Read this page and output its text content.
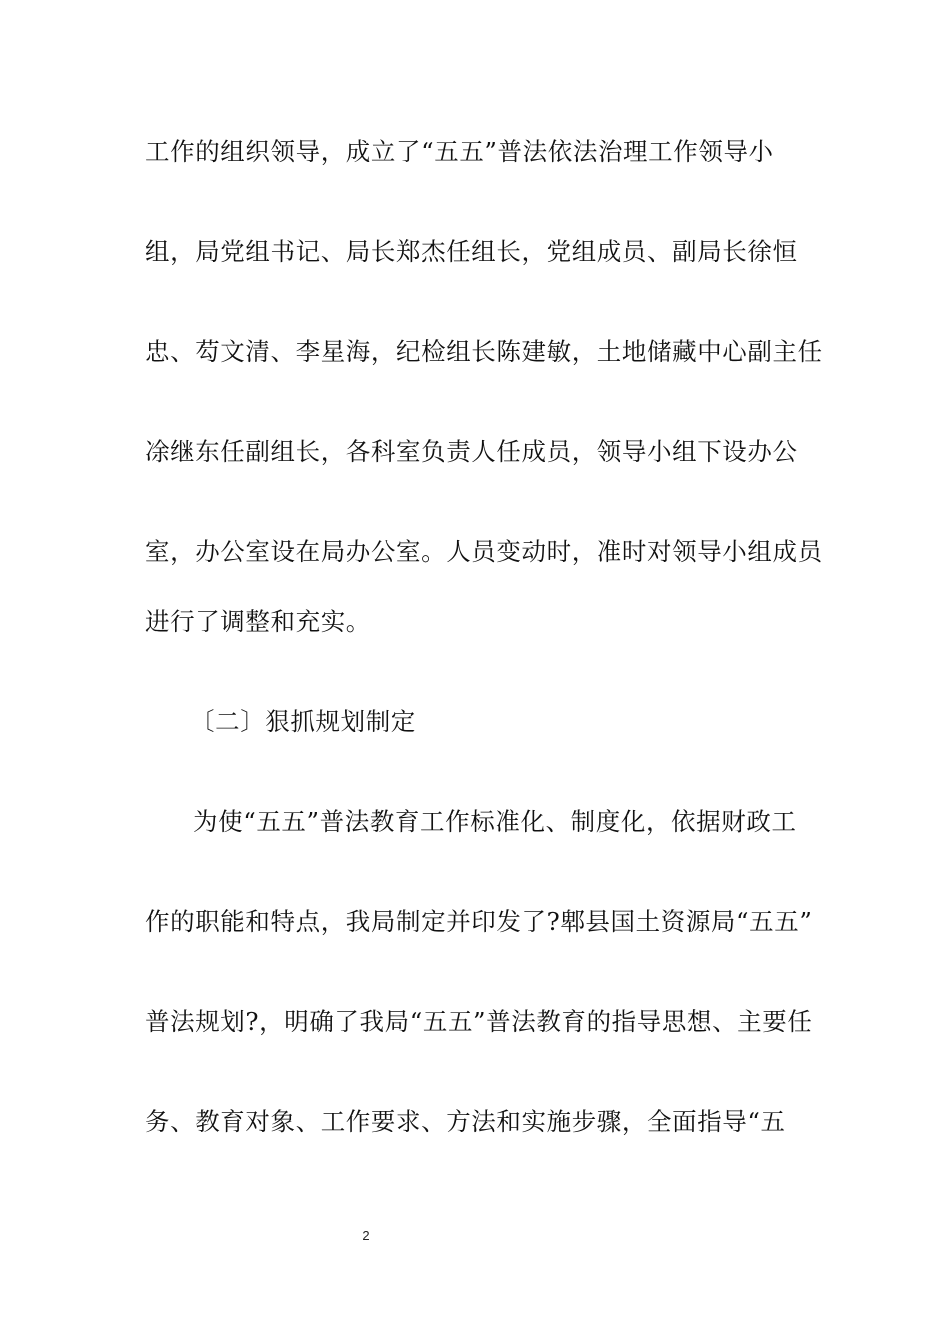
工作的组织领导，成立了“五五”普法依法治理工作领导小
组，局党组书记、局长郑杰任组长，党组成员、副局长徐恒
忠、芶文清、李星海，纪检组长陈建敏，土地储藏中心副主任
凃继东任副组长，各科室负责人任成员，领导小组下设办公
室，办公室设在局办公室。人员变动时，准时对领导小组成员
进行了调整和充实。
〔二〕狠抓规划制定
为使“五五”普法教育工作标准化、制度化，依据财政工
作的职能和特点，我局制定并印发了?郫县国土资源局“五五”
普法规划?，明确了我局“五五”普法教育的指导思想、主要任
务、教育对象、工作要求、方法和实施步骤，全面指导“五
2
